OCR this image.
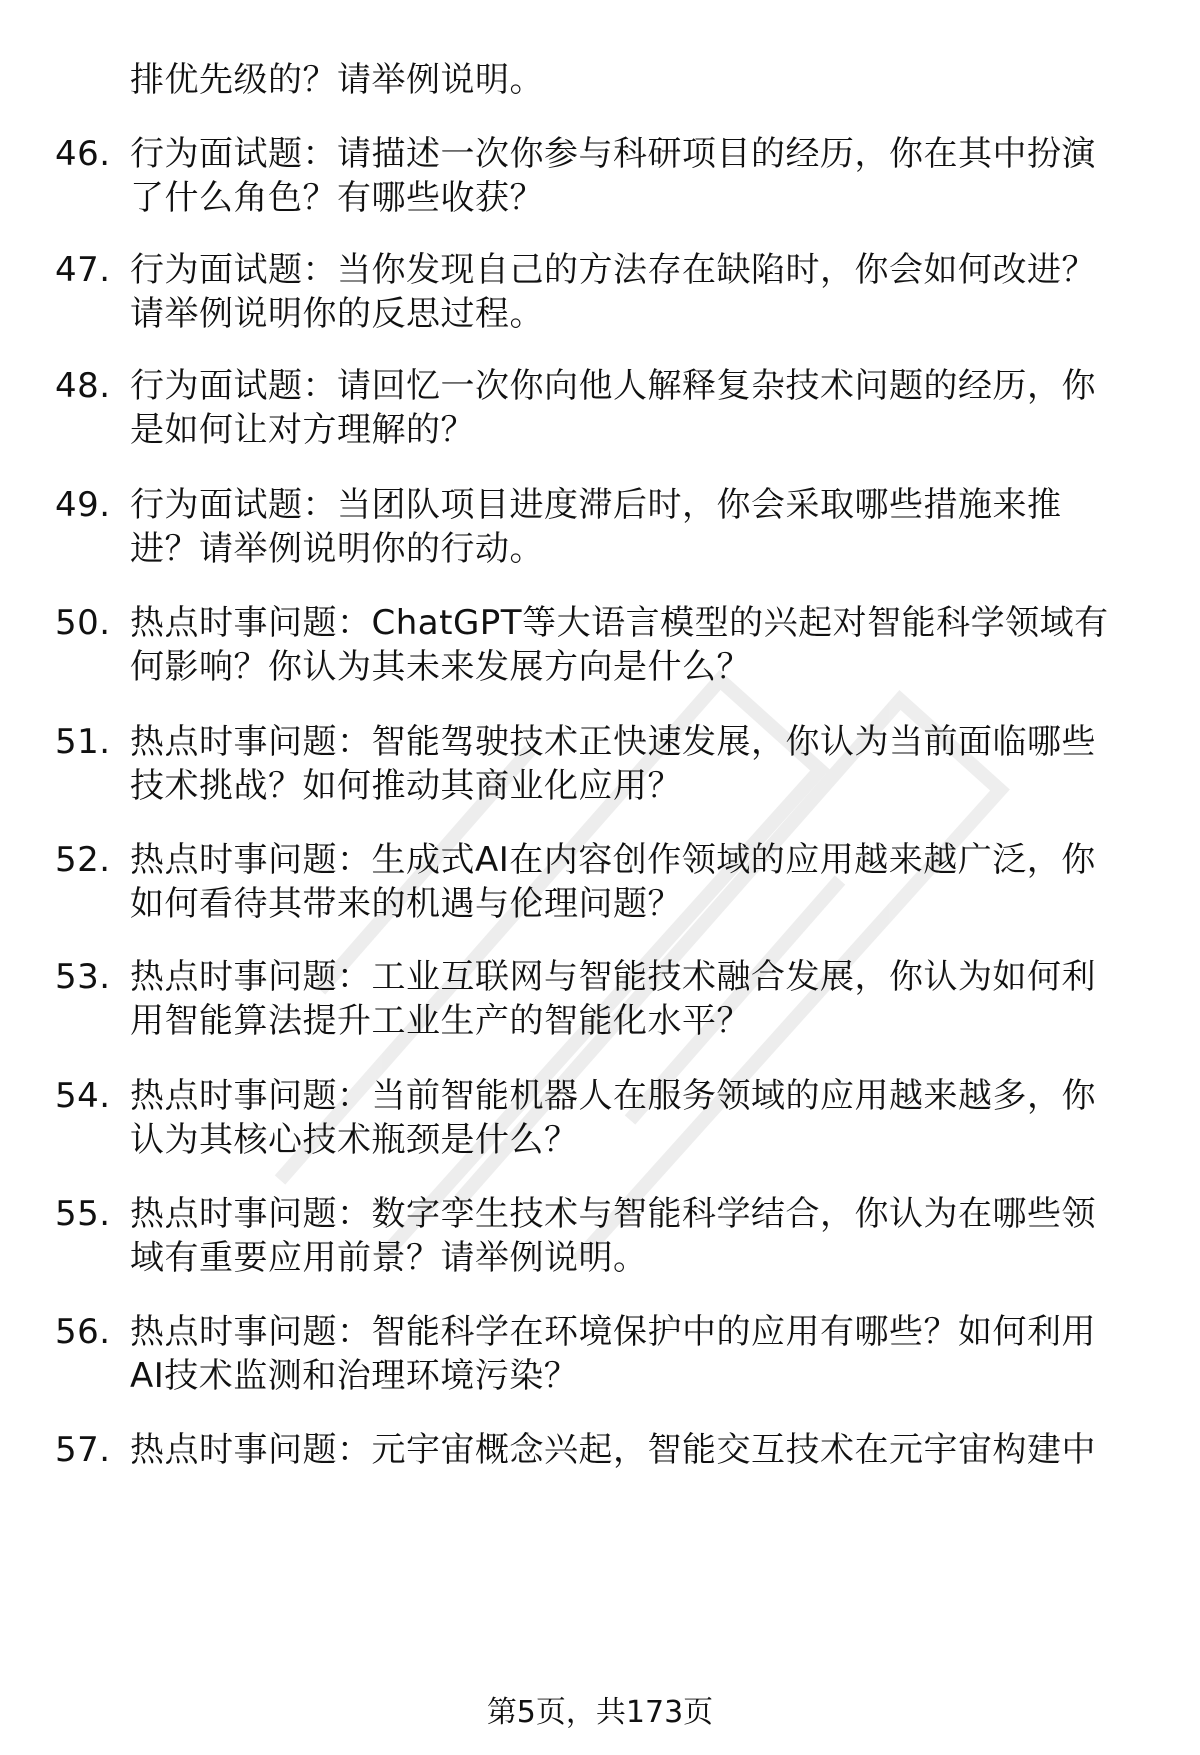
排优先级的？请举例说明。
46. 行为面试题：请描述一次你参与科研项目的经历，你在其中扮演
了什么角色？有哪些收获？
47. 行为面试题：当你发现自己的方法存在缺陷时，你会如何改进？
请举例说明你的反思过程。
48. 行为面试题：请回忆一次你向他人解释复杂技术问题的经历，你
是如何让对方理解的？
49. 行为面试题：当团队项目进度滞后时，你会采取哪些措施来推
进？请举例说明你的行动。
50. 热点时事问题：ChatGPT等大语言模型的兴起对智能科学领域有
何影响？你认为其未来发展方向是什么？
51. 热点时事问题：智能驾驶技术正快速发展，你认为当前面临哪些
技术挑战？如何推动其商业化应用？
52. 热点时事问题：生成式AI在内容创作领域的应用越来越广泛，你
如何看待其带来的机遇与伦理问题？
53. 热点时事问题：工业互联网与智能技术融合发展，你认为如何利
用智能算法提升工业生产的智能化水平？
54. 热点时事问题：当前智能机器人在服务领域的应用越来越多，你
认为其核心技术瓶颈是什么？
55. 热点时事问题：数字孪生技术与智能科学结合，你认为在哪些领
域有重要应用前景？请举例说明。
56. 热点时事问题：智能科学在环境保护中的应用有哪些？如何利用
AI技术监测和治理环境污染？
57. 热点时事问题：元宇宙概念兴起，智能交互技术在元宇宙构建中
第5页，共173页
